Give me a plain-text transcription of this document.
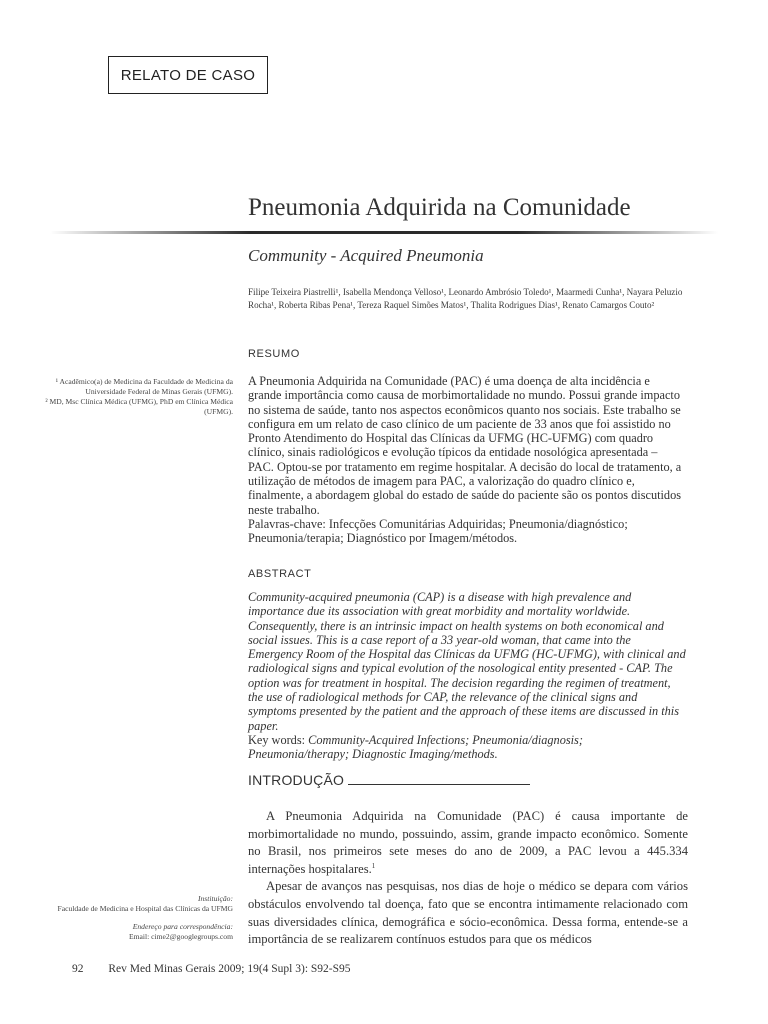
RELATO DE CASO
Pneumonia Adquirida na Comunidade
Community - Acquired Pneumonia
Filipe Teixeira Piastrelli¹, Isabella Mendonça Velloso¹, Leonardo Ambrósio Toledo¹, Maarmedi Cunha¹, Nayara Peluzio Rocha¹, Roberta Ribas Pena¹, Tereza Raquel Simões Matos¹, Thalita Rodrigues Dias¹, Renato Camargos Couto²

¹ Acadêmico(a) de Medicina da Faculdade de Medicina da Universidade Federal de Minas Gerais (UFMG).

² MD, Msc Clínica Médica (UFMG), PhD em Clínica Médica (UFMG).

RESUMO

A Pneumonia Adquirida na Comunidade (PAC) é uma doença de alta incidência e grande importância como causa de morbimortalidade no mundo. Possui grande impacto no sistema de saúde, tanto nos aspectos econômicos quanto nos sociais. Este trabalho se configura em um relato de caso clínico de um paciente de 33 anos que foi assistido no Pronto Atendimento do Hospital das Clínicas da UFMG (HC-UFMG) com quadro clínico, sinais radiológicos e evolução típicos da entidade nosológica apresentada – PAC. Optou-se por tratamento em regime hospitalar. A decisão do local de tratamento, a utilização de métodos de imagem para PAC, a valorização do quadro clínico e, finalmente, a abordagem global do estado de saúde do paciente são os pontos discutidos neste trabalho.

Palavras-chave: Infecções Comunitárias Adquiridas; Pneumonia/diagnóstico; Pneumonia/terapia; Diagnóstico por Imagem/métodos.

ABSTRACT

Community-acquired pneumonia (CAP) is a disease with high prevalence and importance due its association with great morbidity and mortality worldwide. Consequently, there is an intrinsic impact on health systems on both economical and social issues. This is a case report of a 33 year-old woman, that came into the Emergency Room of the Hospital das Clínicas da UFMG (HC-UFMG), with clinical and radiological signs and typical evolution of the nosological entity presented - CAP. The option was for treatment in hospital. The decision regarding the regimen of treatment, the use of radiological methods for CAP, the relevance of the clinical signs and symptoms presented by the patient and the approach of these items are discussed in this paper.

Key words: Community-Acquired Infections; Pneumonia/diagnosis; Pneumonia/therapy; Diagnostic Imaging/methods.

INTRODUÇÃO

A Pneumonia Adquirida na Comunidade (PAC) é causa importante de morbimortalidade no mundo, possuindo, assim, grande impacto econômico. Somente no Brasil, nos primeiros sete meses do ano de 2009, a PAC levou a 445.334 internações hospitalares.$^1$

Apesar de avanços nas pesquisas, nos dias de hoje o médico se depara com vários obstáculos envolvendo tal doença, fato que se encontra intimamente relacionado com suas diversidades clínica, demográfica e sócio-econômica. Dessa forma, entende-se a importância de se realizarem contínuos estudos para que os médicos

Instituição:

Faculdade de Medicina e Hospital das Clínicas da UFMG

Endereço para correspondência:

Email: cime2@googlegroups.com

92 Rev Med Minas Gerais 2009; 19(4 Supl 3): S92-S95
